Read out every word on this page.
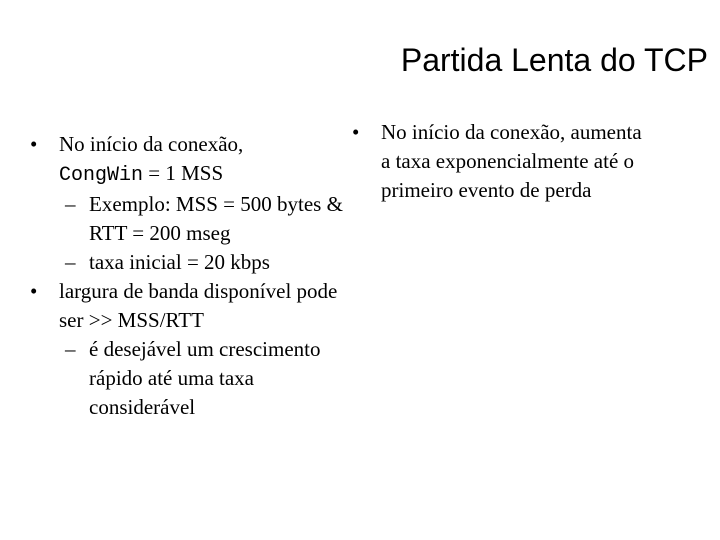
Partida Lenta do TCP
• No início da conexão,
CongWin = 1 MSS
– Exemplo: MSS = 500 bytes & RTT = 200 mseg
– taxa inicial = 20 kbps
• largura de banda disponível pode ser >> MSS/RTT
– é desejável um crescimento rápido até uma taxa considerável
• No início da conexão, aumenta a taxa exponencialmente até o primeiro evento de perda
